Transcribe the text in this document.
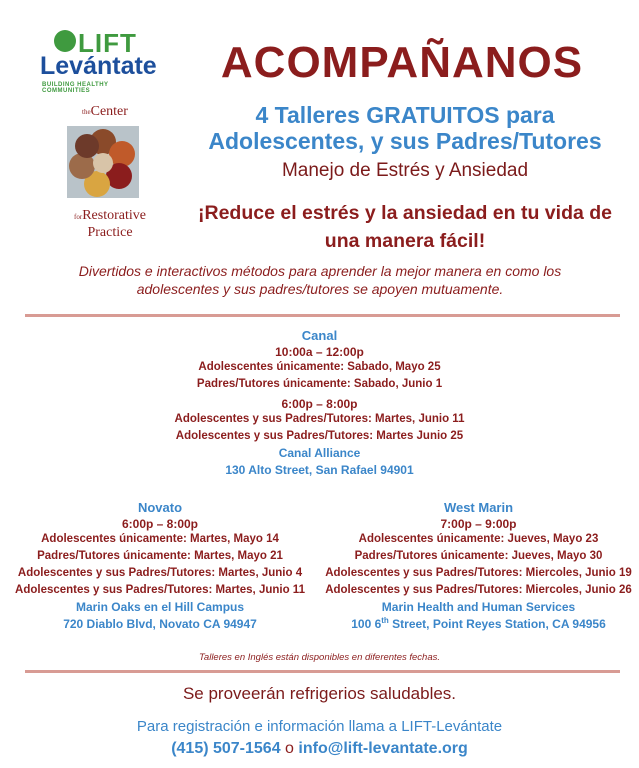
LIFT
Levántate
BUILDING HEALTHY COMMUNITIES
theCenter
forRestorative
Practice
ACOMPAÑANOS
4 Talleres GRATUITOS para
Adolescentes, y sus Padres/Tutores
Manejo de Estrés y Ansiedad
¡Reduce el estrés y la ansiedad en tu vida de
una manera fácil!
Divertidos e interactivos métodos para aprender la mejor manera en como los
adolescentes y sus padres/tutores se apoyen mutuamente.
Canal
10:00a – 12:00p
Adolescentes únicamente: Sabado, Mayo 25
Padres/Tutores únicamente: Sabado, Junio 1
6:00p – 8:00p
Adolescentes y sus Padres/Tutores: Martes, Junio 11
Adolescentes y sus Padres/Tutores: Martes Junio 25
Canal Alliance
130 Alto Street, San Rafael 94901
Novato
6:00p – 8:00p
Adolescentes únicamente: Martes, Mayo 14
Padres/Tutores únicamente: Martes, Mayo 21
Adolescentes y sus Padres/Tutores: Martes, Junio 4
Adolescentes y sus Padres/Tutores: Martes, Junio 11
Marin Oaks en el Hill Campus
720 Diablo Blvd, Novato CA 94947
West Marin
7:00p – 9:00p
Adolescentes únicamente: Jueves, Mayo 23
Padres/Tutores únicamente: Jueves, Mayo 30
Adolescentes y sus Padres/Tutores: Miercoles, Junio 19
Adolescentes y sus Padres/Tutores: Miercoles, Junio 26
Marin Health and Human Services
100 6th Street, Point Reyes Station, CA 94956
Talleres en Inglés están disponibles en diferentes fechas.
Se proveerán refrigerios saludables.
Para registración e información llama a LIFT-Levántate
(415) 507-1564 o info@lift-levantate.org
